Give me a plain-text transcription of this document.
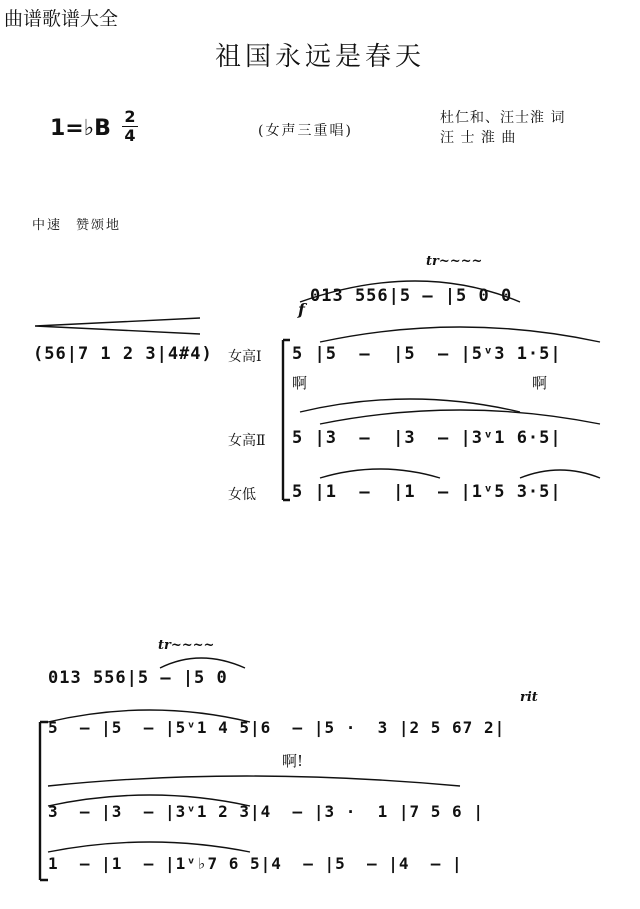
曲谱歌谱大全
祖国永远是春天
1=♭B 2
4	(女声三重唱)
杜仁和、汪士淮 词
汪 士 淮 曲
中速 赞颂地
tr~~~~
f
013 556|5 — |5 0 0
(56|7 1 2 3|4#4) 女高Ⅰ 5 |5  —  |5  — |5ᵛ3 1·5|
啊	啊
女高Ⅱ 5 |3  —  |3  — |3ᵛ1 6·5|
女低 5 |1  —  |1  — |1ᵛ5 3·5|
tr~~~~
rit
013 556|5 — |5 0
5  — |5  — |5ᵛ1 4 5|6  — |5 ·  3 |2 5 67 2|
啊!
3  — |3  — |3ᵛ1 2 3|4  — |3 ·  1 |7 5 6 |
1  — |1  — |1ᵛ♭7 6 5|4  — |5  — |4  — |
